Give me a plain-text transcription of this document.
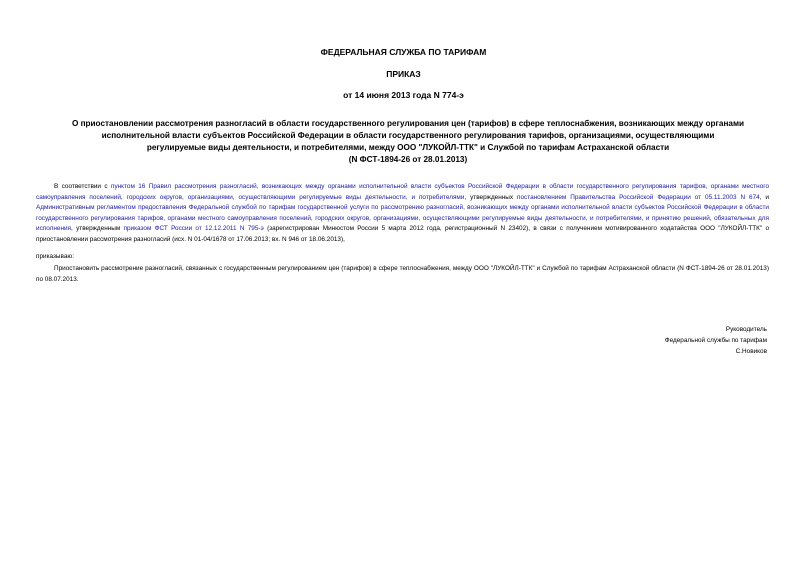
ФЕДЕРАЛЬНАЯ СЛУЖБА ПО ТАРИФАМ
ПРИКАЗ
от 14 июня 2013 года N 774-э
О приостановлении рассмотрения разногласий в области государственного регулирования цен (тарифов) в сфере теплоснабжения, возникающих между органами
исполнительной власти субъектов Российской Федерации в области государственного регулирования тарифов, организациями, осуществляющими
регулируемые виды деятельности, и потребителями, между ООО "ЛУКОЙЛ-ТТК" и Службой по тарифам Астраханской области
(N ФСТ-1894-26 от 28.01.2013)
В соответствии с пунктом 16 Правил рассмотрения разногласий, возникающих между органами исполнительной власти субъектов Российской Федерации в области государственного регулирования тарифов, органами местного самоуправления поселений, городских округов, организациями, осуществляющими регулируемые виды деятельности, и потребителями, утвержденных постановлением Правительства Российской Федерации от 05.11.2003 N 674, и Административным регламентом предоставления Федеральной службой по тарифам государственной услуги по рассмотрению разногласий, возникающих между органами исполнительной власти субъектов Российской Федерации в области государственного регулирования тарифов, органами местного самоуправления поселений, городских округов, организациями, осуществляющими регулируемые виды деятельности, и потребителями, и принятию решений, обязательных для исполнения, утвержденным приказом ФСТ России от 12.12.2011 N 795-э (зарегистрирован Минюстом России 5 марта 2012 года, регистрационный N 23402), в связи с получением мотивированного ходатайства ООО "ЛУКОЙЛ-ТТК" о приостановлении рассмотрения разногласий (исх. N 01-04/1678 от 17.06.2013; вх. N 946 от 18.06.2013),
приказываю:
Приостановить рассмотрение разногласий, связанных с государственным регулированием цен (тарифов) в сфере теплоснабжения, между ООО "ЛУКОЙЛ-ТТК" и Службой по тарифам Астраханской области (N ФСТ-1894-26 от 28.01.2013) по 08.07.2013.
Руководитель
Федеральной службы по тарифам
С.Новиков
